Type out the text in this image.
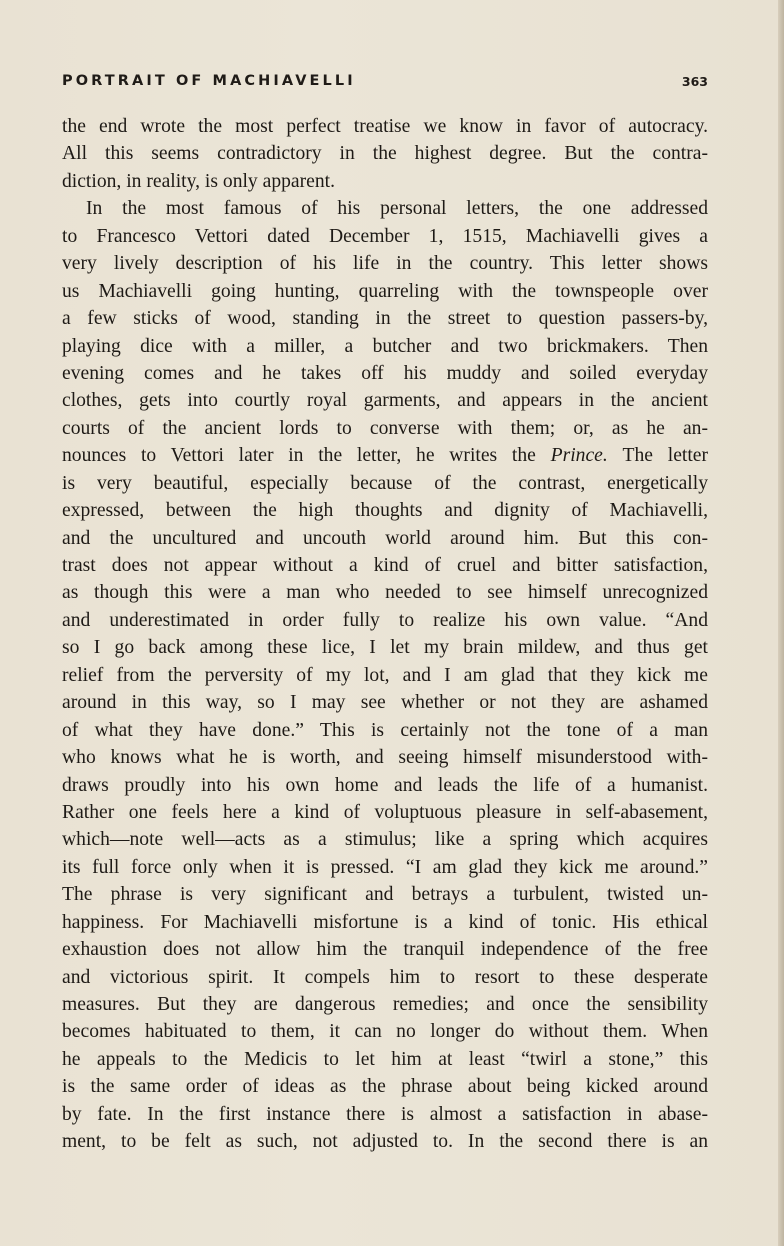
PORTRAIT OF MACHIAVELLI	363
the end wrote the most perfect treatise we know in favor of autocracy.
All this seems contradictory in the highest degree. But the contra-
diction, in reality, is only apparent.
In the most famous of his personal letters, the one addressed
to Francesco Vettori dated December 1, 1515, Machiavelli gives a
very lively description of his life in the country. This letter shows
us Machiavelli going hunting, quarreling with the townspeople over
a few sticks of wood, standing in the street to question passers-by,
playing dice with a miller, a butcher and two brickmakers. Then
evening comes and he takes off his muddy and soiled everyday
clothes, gets into courtly royal garments, and appears in the ancient
courts of the ancient lords to converse with them; or, as he an-
nounces to Vettori later in the letter, he writes the Prince. The letter
is very beautiful, especially because of the contrast, energetically
expressed, between the high thoughts and dignity of Machiavelli,
and the uncultured and uncouth world around him. But this con-
trast does not appear without a kind of cruel and bitter satisfaction,
as though this were a man who needed to see himself unrecognized
and underestimated in order fully to realize his own value. “And
so I go back among these lice, I let my brain mildew, and thus get
relief from the perversity of my lot, and I am glad that they kick me
around in this way, so I may see whether or not they are ashamed
of what they have done.” This is certainly not the tone of a man
who knows what he is worth, and seeing himself misunderstood with-
draws proudly into his own home and leads the life of a humanist.
Rather one feels here a kind of voluptuous pleasure in self-abasement,
which—note well—acts as a stimulus; like a spring which acquires
its full force only when it is pressed. “I am glad they kick me around.”
The phrase is very significant and betrays a turbulent, twisted un-
happiness. For Machiavelli misfortune is a kind of tonic. His ethical
exhaustion does not allow him the tranquil independence of the free
and victorious spirit. It compels him to resort to these desperate
measures. But they are dangerous remedies; and once the sensibility
becomes habituated to them, it can no longer do without them. When
he appeals to the Medicis to let him at least “twirl a stone,” this
is the same order of ideas as the phrase about being kicked around
by fate. In the first instance there is almost a satisfaction in abase-
ment, to be felt as such, not adjusted to. In the second there is an
